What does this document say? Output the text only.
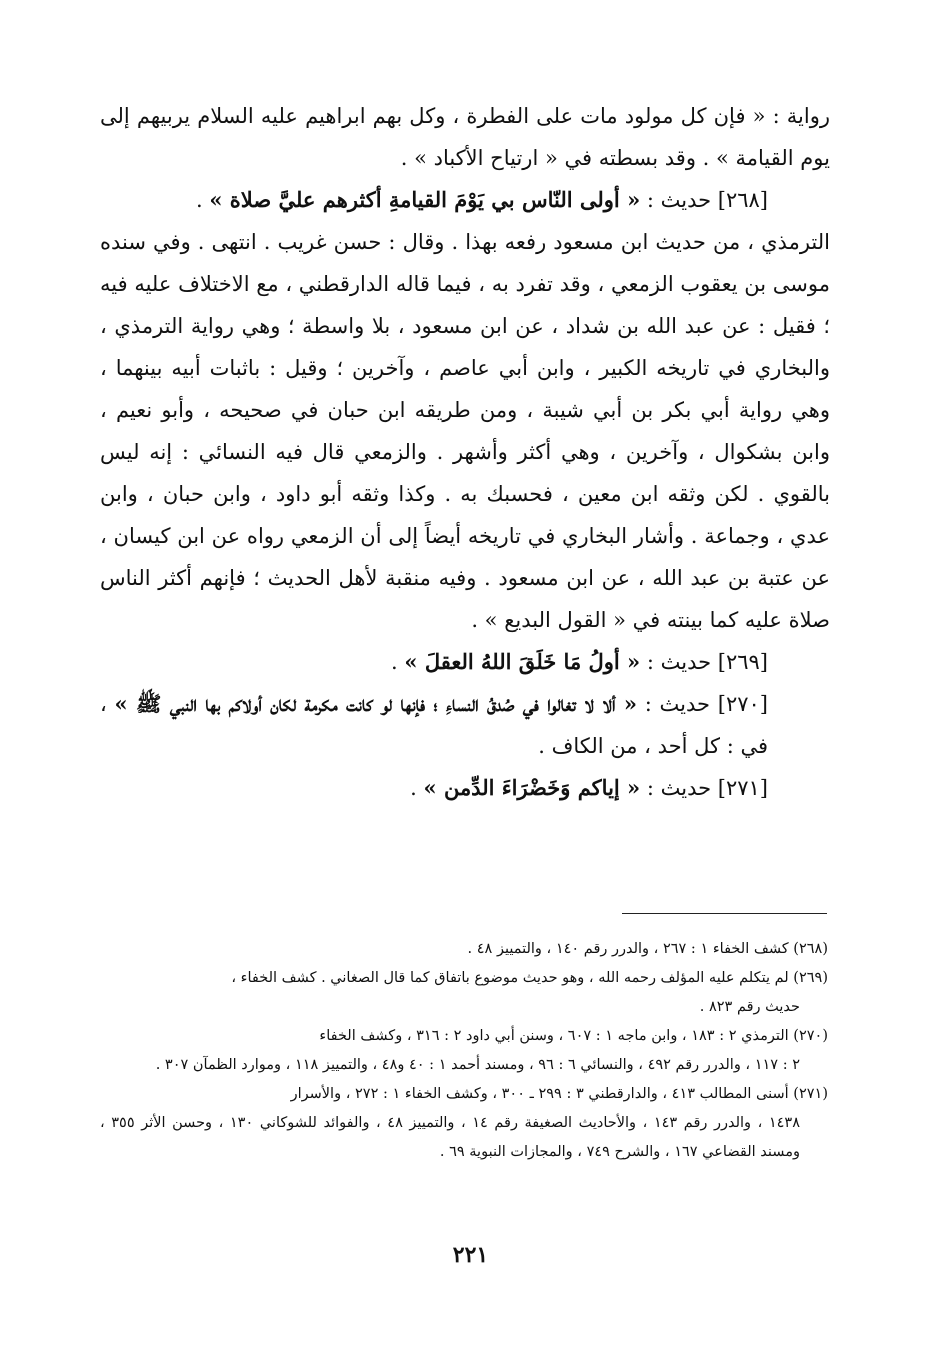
رواية : « فإن كل مولود مات على الفطرة ، وكل بهم ابراهيم عليه السلام يربيهم إلى يوم القيامة » . وقد بسطته في « ارتياح الأكباد » .

[٢٦٨] حديث : « أولى النّاس بي يَوْمَ القيامةِ أكثرهم عليَّ صلاة » .

الترمذي ، من حديث ابن مسعود رفعه بهذا . وقال : حسن غريب . انتهى . وفي سنده موسى بن يعقوب الزمعي ، وقد تفرد به ، فيما قاله الدارقطني ، مع الاختلاف عليه فيه ؛ فقيل : عن عبد الله بن شداد ، عن ابن مسعود ، بلا واسطة ؛ وهي رواية الترمذي ، والبخاري في تاريخه الكبير ، وابن أبي عاصم ، وآخرين ؛ وقيل : باثبات أبيه بينهما ، وهي رواية أبي بكر بن أبي شيبة ، ومن طريقه ابن حبان في صحيحه ، وأبو نعيم ، وابن بشكوال ، وآخرين ، وهي أكثر وأشهر . والزمعي قال فيه النسائي : إنه ليس بالقوي . لكن وثقه ابن معين ، فحسبك به . وكذا وثقه أبو داود ، وابن حبان ، وابن عدي ، وجماعة . وأشار البخاري في تاريخه أيضاً إلى أن الزمعي رواه عن ابن كيسان ، عن عتبة بن عبد الله ، عن ابن مسعود . وفيه منقبة لأهل الحديث ؛ فإنهم أكثر الناس صلاة عليه كما بينته في « القول البديع » .

[٢٦٩] حديث : « أولُ مَا خَلَقَ اللهُ العقلَ » .

[٢٧٠] حديث : « ألا لا تغالوا في صُدقُ النساءِ ؛ فإنها لو كانت مكرمة لكان أولاكم بها النبي ﷺ » ، في : كل أحد ، من الكاف .

[٢٧١] حديث : « إياكم وَخَضْرَاءَ الدِّمن » .

(٢٦٨) كشف الخفاء ١ : ٢٦٧ ، والدرر رقم ١٤٠ ، والتمييز ٤٨ .

(٢٦٩) لم يتكلم عليه المؤلف رحمه الله ، وهو حديث موضوع باتفاق كما قال الصغاني . كشف الخفاء ،
حديث رقم ٨٢٣ .

(٢٧٠) الترمذي ٢ : ١٨٣ ، وابن ماجه ١ : ٦٠٧ ، وسنن أبي داود ٢ : ٣١٦ ، وكشف الخفاء
٢ : ١١٧ ، والدرر رقم ٤٩٢ ، والنسائي ٦ : ٩٦ ، ومسند أحمد ١ : ٤٠ و٤٨ ، والتمييز ١١٨ ، وموارد الظمآن ٣٠٧ .

(٢٧١) أسنى المطالب ٤١٣ ، والدارقطني ٣ : ٢٩٩ ـ ٣٠٠ ، وكشف الخفاء ١ : ٢٧٢ ، والأسرار
١٤٣٨ ، والدرر رقم ١٤٣ ، والأحاديث الصغيفة رقم ١٤ ، والتمييز ٤٨ ، والفوائد للشوكاني ١٣٠ ، وحسن الأثر ٣٥٥ ، ومسند القضاعي ١٦٧ ، والشرح ٧٤٩ ، والمجازات النبوية ٦٩ .

٢٢١
